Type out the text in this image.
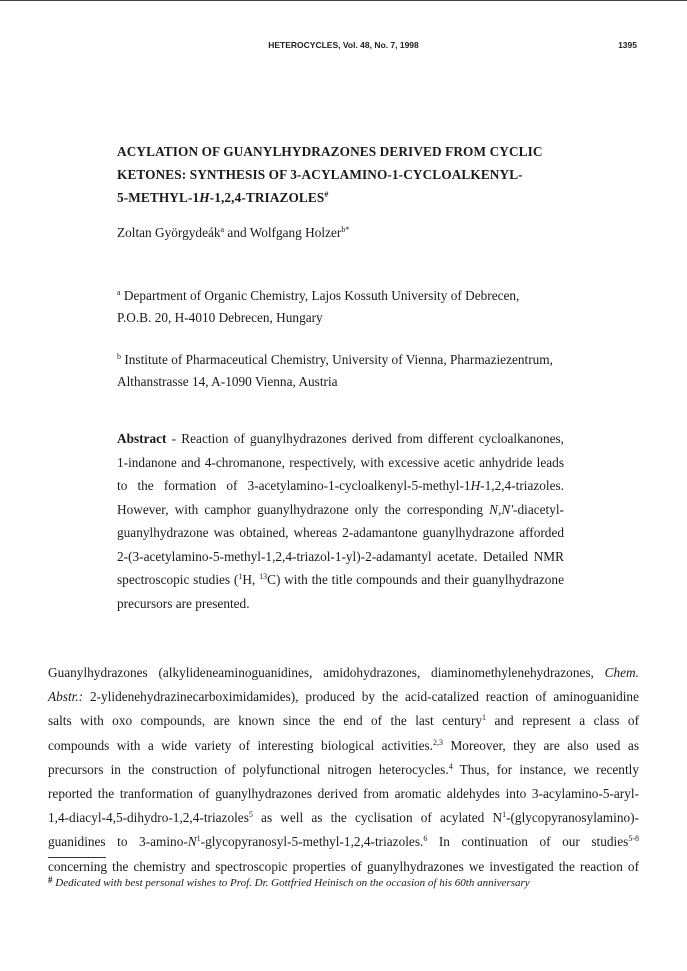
HETEROCYCLES, Vol. 48, No. 7, 1998	1395
ACYLATION OF GUANYLHYDRAZONES DERIVED FROM CYCLIC
KETONES: SYNTHESIS OF 3-ACYLAMINO-1-CYCLOALKENYL-
5-METHYL-1H-1,2,4-TRIAZOLES#
Zoltan Györgydeák$^a$ and Wolfgang Holzer$^{b*}$
$^a$ Department of Organic Chemistry, Lajos Kossuth University of Debrecen,
P.O.B. 20, H-4010 Debrecen, Hungary
$^b$ Institute of Pharmaceutical Chemistry, University of Vienna, Pharmaziezentrum,
Althanstrasse 14, A-1090 Vienna, Austria
Abstract - Reaction of guanylhydrazones derived from different cycloalkanones,
1-indanone and 4-chromanone, respectively, with excessive acetic anhydride leads
to the formation of 3-acetylamino-1-cycloalkenyl-5-methyl-1H-1,2,4-triazoles.
However, with camphor guanylhydrazone only the corresponding N,N'-diacetyl-
guanylhydrazone was obtained, whereas 2-adamantone guanylhydrazone afforded
2-(3-acetylamino-5-methyl-1,2,4-triazol-1-yl)-2-adamantyl acetate. Detailed NMR
spectroscopic studies ($^1$H, $^{13}$C) with the title compounds and their guanylhydrazone
precursors are presented.
Guanylhydrazones (alkylideneaminoguanidines, amidohydrazones, diaminomethylenehydrazones, Chem.
Abstr.: 2-ylidenehydrazinecarboximidamides), produced by the acid-catalized reaction of aminoguanidine
salts with oxo compounds, are known since the end of the last century$^1$ and represent a class of
compounds with a wide variety of interesting biological activities.$^{2,3}$ Moreover, they are also used as
precursors in the construction of polyfunctional nitrogen heterocycles.$^4$ Thus, for instance, we recently
reported the tranformation of guanylhydrazones derived from aromatic aldehydes into 3-acylamino-5-aryl-
1,4-diacyl-4,5-dihydro-1,2,4-triazoles$^5$ as well as the cyclisation of acylated $N^1-(glycopyranosylamino)-$
guanidines to $3-amino-N^1-glycopyranosyl-5-methyl-1,2,4-triazoles.^6$ In continuation of our studies$^{5-8}$
concerning the chemistry and spectroscopic properties of guanylhydrazones we investigated the reaction of
# Dedicated with best personal wishes to Prof. Dr. Gottfried Heinisch on the occasion of his 60th anniversary
